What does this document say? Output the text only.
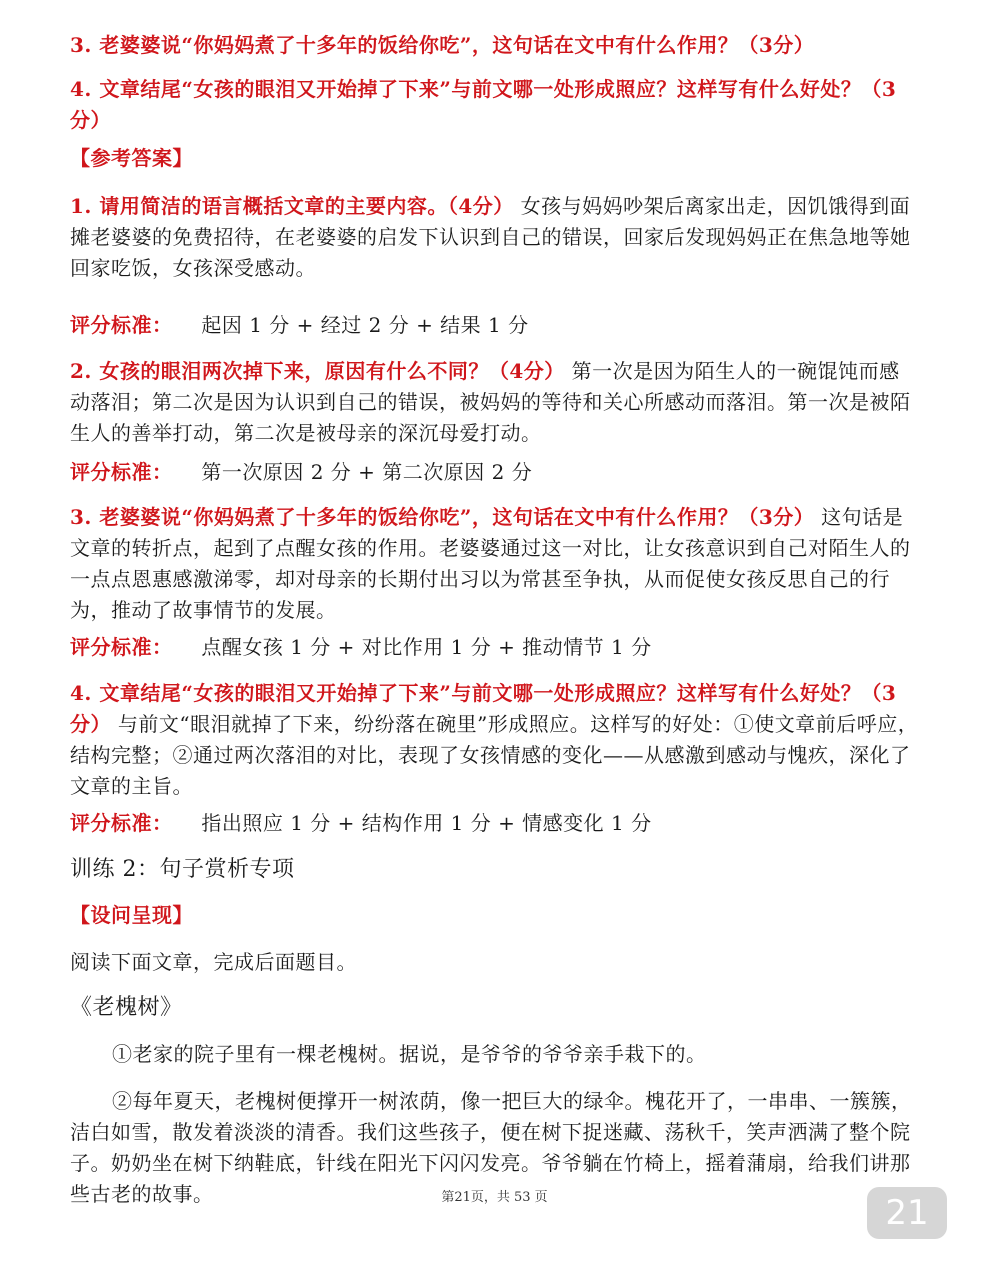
3. 老婆婆说“你妈妈煮了十多年的饭给你吃”，这句话在文中有什么作用？（3分）
4. 文章结尾“女孩的眼泪又开始掉了下来”与前文哪一处形成照应？这样写有什么好处？（3分）
【参考答案】
1. 请用简洁的语言概括文章的主要内容。（4分） 女孩与妈妈吵架后离家出走，因饥饿得到面摊老婆婆的免费招待，在老婆婆的启发下认识到自己的错误，回家后发现妈妈正在焦急地等她回家吃饭，女孩深受感动。
评分标准： 起因 1 分 + 经过 2 分 + 结果 1 分
2. 女孩的眼泪两次掉下来，原因有什么不同？（4分） 第一次是因为陌生人的一碗馄饨而感动落泪；第二次是因为认识到自己的错误，被妈妈的等待和关心所感动而落泪。第一次是被陌生人的善举打动，第二次是被母亲的深沉母爱打动。
评分标准： 第一次原因 2 分 + 第二次原因 2 分
3. 老婆婆说“你妈妈煮了十多年的饭给你吃”，这句话在文中有什么作用？（3分） 这句话是文章的转折点，起到了点醒女孩的作用。老婆婆通过这一对比，让女孩意识到自己对陌生人的一点点恩惠感激涕零，却对母亲的长期付出习以为常甚至争执，从而促使女孩反思自己的行为，推动了故事情节的发展。
评分标准： 点醒女孩 1 分 + 对比作用 1 分 + 推动情节 1 分
4. 文章结尾“女孩的眼泪又开始掉了下来”与前文哪一处形成照应？这样写有什么好处？（3 分） 与前文“眼泪就掉了下来，纷纷落在碗里”形成照应。这样写的好处：①使文章前后呼应，结构完整；②通过两次落泪的对比，表现了女孩情感的变化——从感激到感动与愧疚，深化了文章的主旨。
评分标准： 指出照应 1 分 + 结构作用 1 分 + 情感变化 1 分
训练 2：句子赏析专项
【设问呈现】
阅读下面文章，完成后面题目。
《老槐树》
①老家的院子里有一棵老槐树。据说，是爷爷的爷爷亲手栽下的。
②每年夏天，老槐树便撑开一树浓荫，像一把巨大的绿伞。槐花开了，一串串、一簇簇，洁白如雪，散发着淡淡的清香。我们这些孩子，便在树下捉迷藏、荡秋千，笑声洒满了整个院子。奶奶坐在树下纳鞋底，针线在阳光下闪闪发亮。爷爷躺在竹椅上，摇着蒲扇，给我们讲那些古老的故事。	第21页，共 53 页	21
